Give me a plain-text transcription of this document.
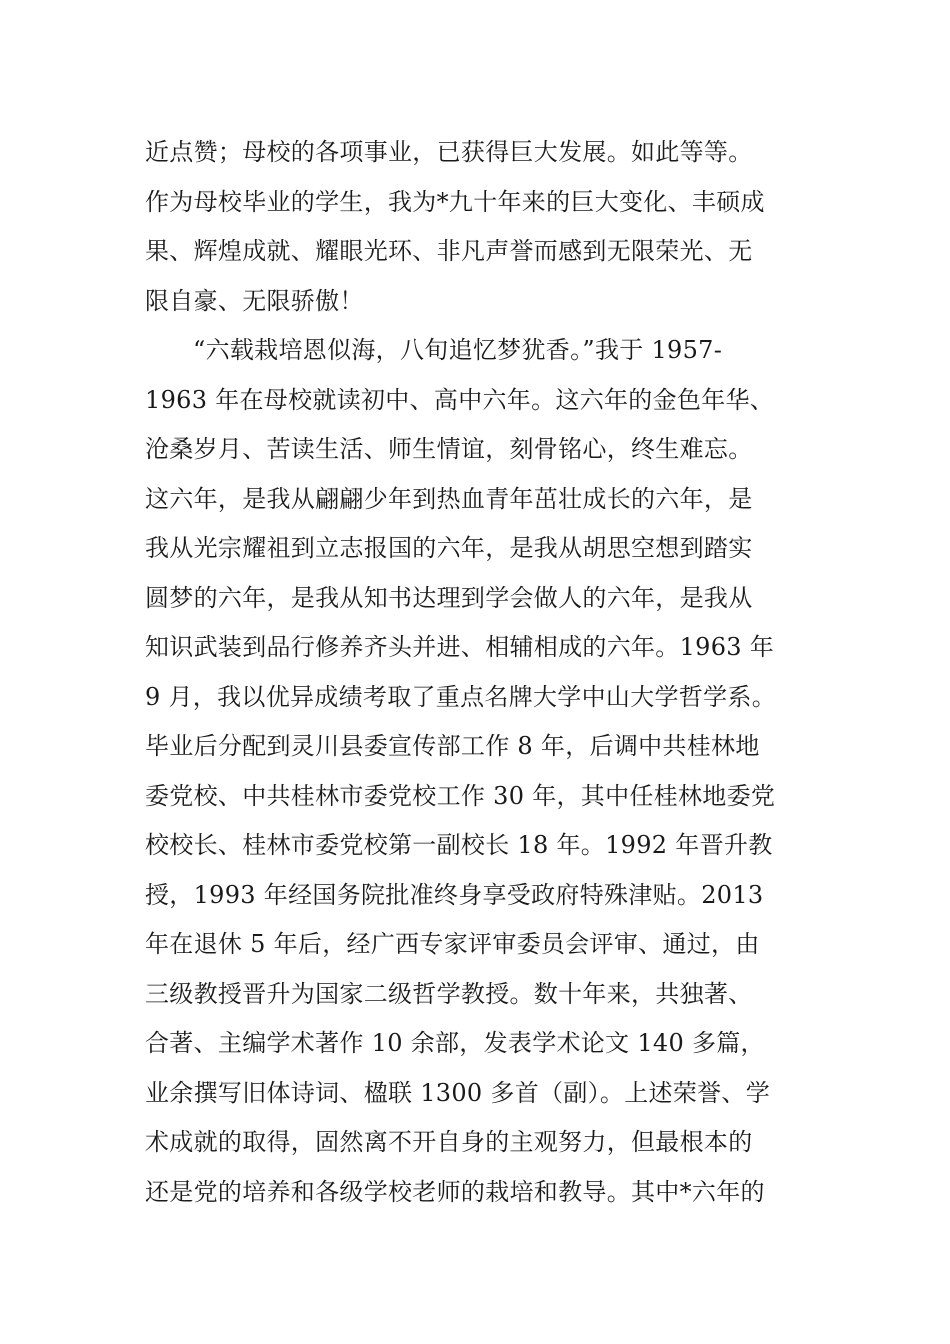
近点赞；母校的各项事业，已获得巨大发展。如此等等。
作为母校毕业的学生，我为*九十年来的巨大变化、丰硕成
果、辉煌成就、耀眼光环、非凡声誉而感到无限荣光、无
限自豪、无限骄傲！
“六载栽培恩似海，八旬追忆梦犹香。”我于 1957-
1963 年在母校就读初中、高中六年。这六年的金色年华、
沧桑岁月、苦读生活、师生情谊，刻骨铭心，终生难忘。
这六年，是我从翩翩少年到热血青年茁壮成长的六年，是
我从光宗耀祖到立志报国的六年，是我从胡思空想到踏实
圆梦的六年，是我从知书达理到学会做人的六年，是我从
知识武装到品行修养齐头并进、相辅相成的六年。1963 年
9 月，我以优异成绩考取了重点名牌大学中山大学哲学系。
毕业后分配到灵川县委宣传部工作 8 年，后调中共桂林地
委党校、中共桂林市委党校工作 30 年，其中任桂林地委党
校校长、桂林市委党校第一副校长 18 年。1992 年晋升教
授，1993 年经国务院批准终身享受政府特殊津贴。2013
年在退休 5 年后，经广西专家评审委员会评审、通过，由
三级教授晋升为国家二级哲学教授。数十年来，共独著、
合著、主编学术著作 10 余部，发表学术论文 140 多篇，
业余撰写旧体诗词、楹联 1300 多首（副）。上述荣誉、学
术成就的取得，固然离不开自身的主观努力，但最根本的
还是党的培养和各级学校老师的栽培和教导。其中*六年的
